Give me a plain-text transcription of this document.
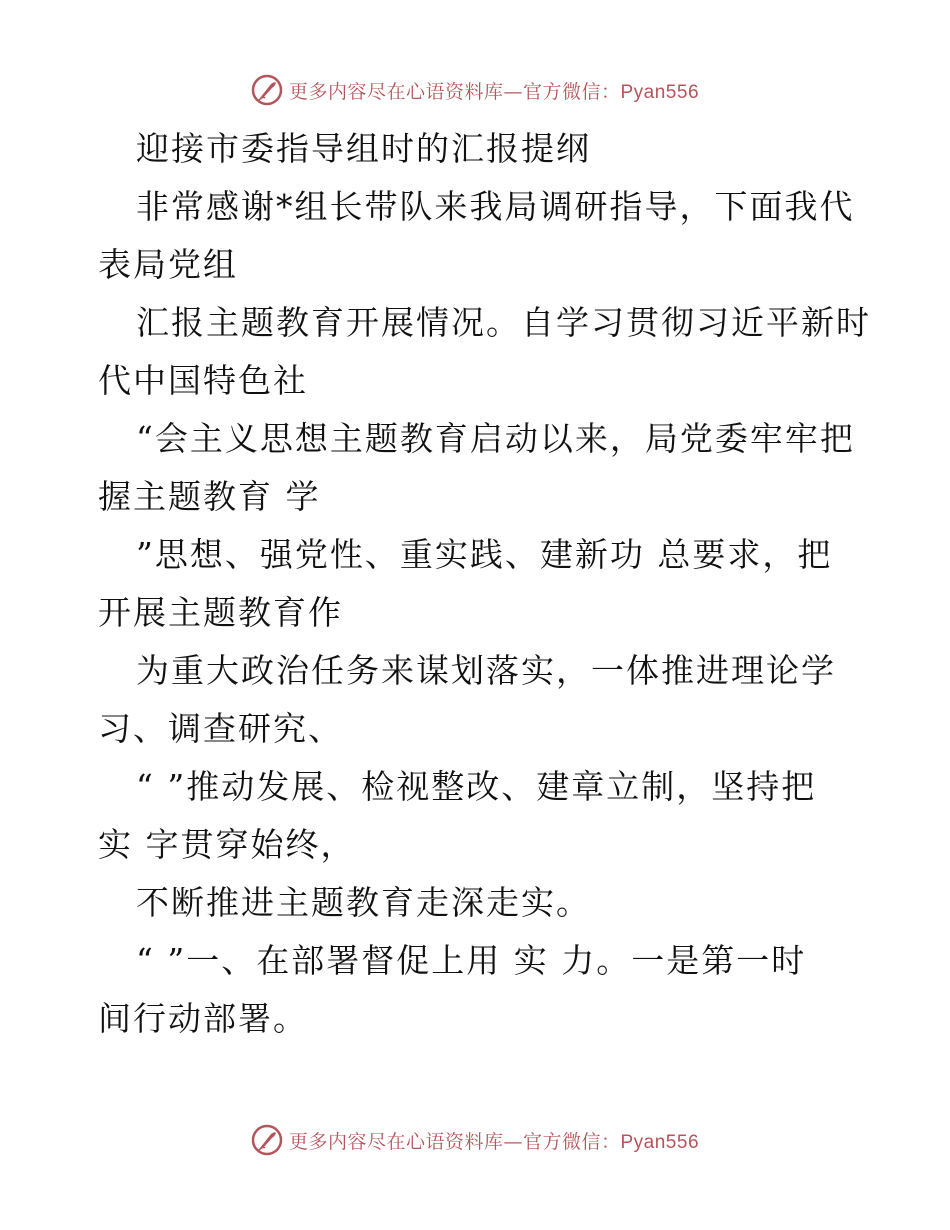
更多内容尽在心语资料库—官方微信：Pyan556
迎接市委指导组时的汇报提纲
非常感谢*组长带队来我局调研指导，下面我代
表局党组
汇报主题教育开展情况。自学习贯彻习近平新时
代中国特色社
“会主义思想主题教育启动以来，局党委牢牢把
握主题教育 学
”思想、强党性、重实践、建新功 总要求，把
开展主题教育作
为重大政治任务来谋划落实，一体推进理论学
习、调查研究、
“ ”推动发展、检视整改、建章立制，坚持把
实 字贯穿始终，
不断推进主题教育走深走实。
“ ”一、在部署督促上用 实 力。一是第一时
间行动部署。
更多内容尽在心语资料库—官方微信：Pyan556
